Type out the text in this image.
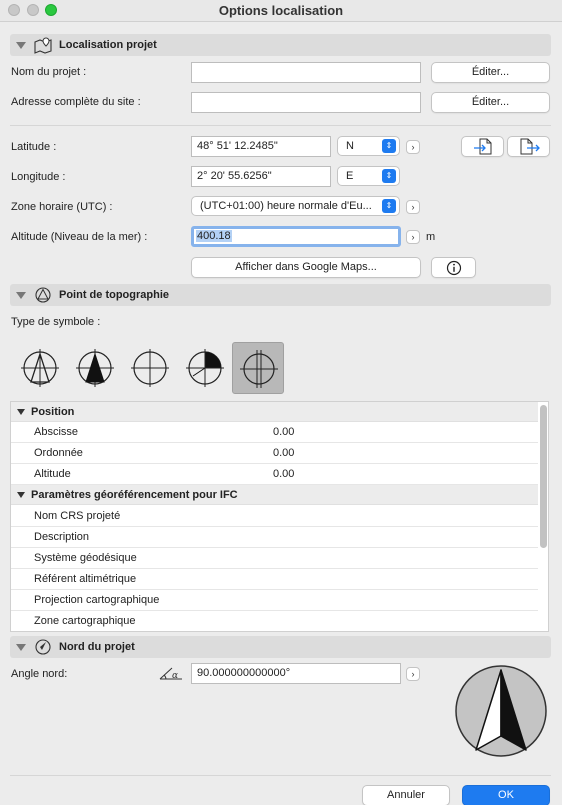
Options localisation
Localisation projet
Nom du projet :	Éditer...
Adresse complète du site :	Éditer...
Latitude :	48° 51' 12.2485"	N	⇕	›
Longitude :	2° 20' 55.6256"	E	⇕
Zone horaire (UTC) :	(UTC+01:00) heure normale d'Eu...	⇕	›
Altitude (Niveau de la mer) :	400.18	›	m
Afficher dans Google Maps...
Point de topographie
Type de symbole :
Position
Abscisse	0.00
Ordonnée	0.00
Altitude	0.00
Paramètres géoréférencement pour IFC
Nom CRS projeté
Description
Système géodésique
Référent altimétrique
Projection cartographique
Zone cartographique
Nord du projet
Angle nord:	α	90.000000000000°	›
Annuler	OK
